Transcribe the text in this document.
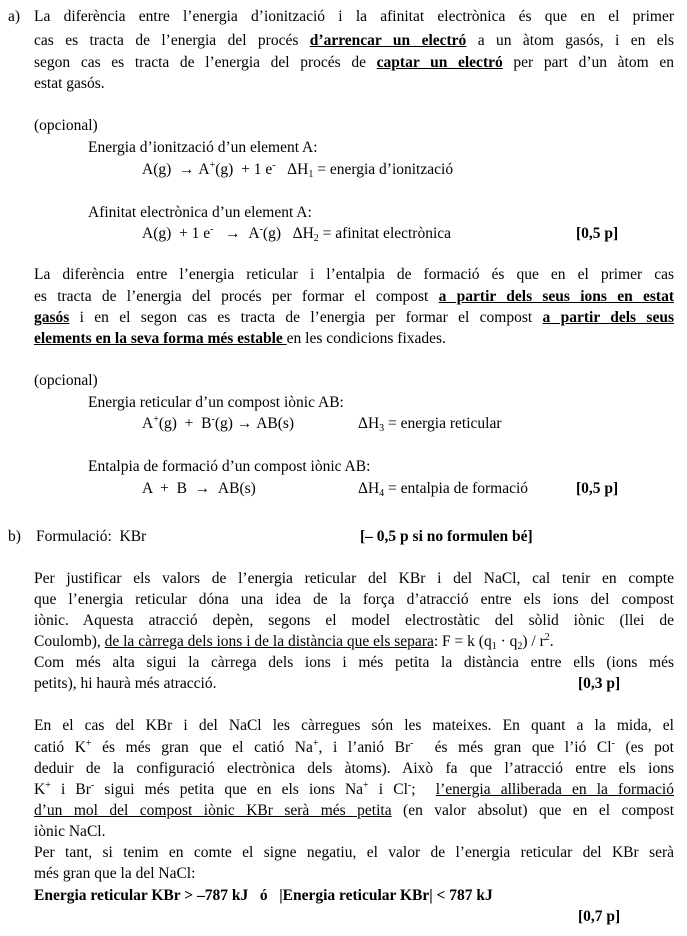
a) La diferència entre l’energia d’ionització i la afinitat electrònica és que en el primer
cas es tracta de l’energia del procés d’arrencar un electró a un àtom gasós, i en els
segon cas es tracta de l’energia del procés de captar un electró per part d’un àtom en
estat gasós.
(opcional)
Energia d’ionització d’un element A:
A(g) → A+(g) + 1 e- $\Delta H_1$ = energia d’ionització
Afinitat electrònica d’un element A:
A(g) + 1 e- → A-(g) $\Delta H_2$ = afinitat electrònica	[0,5 p]
La diferència entre l’energia reticular i l’entalpia de formació és que en el primer cas
es tracta de l’energia del procés per formar el compost a partir dels seus ions en estat
gasós i en el segon cas es tracta de l’energia per formar el compost a partir dels seus
elements en la seva forma més estable en les condicions fixades.
(opcional)
Energia reticular d’un compost iònic AB:
A+(g) + B-(g) → AB(s)	$\Delta H_3$ = energia reticular
Entalpia de formació d’un compost iònic AB:
A  +  B → AB(s)	$\Delta H_4$ = entalpia de formació	[0,5 p]
b) Formulació:  KBr	[– 0,5 p si no formulen bé]
Per justificar els valors de l’energia reticular del KBr i del NaCl, cal tenir en compte
que l’energia reticular dóna una idea de la força d’atracció entre els ions del compost
iònic. Aquesta atracció depèn, segons el model electrostàtic del sòlid iònic (llei de
Coulomb), de la càrrega dels ions i de la distància que els separa: F = k $(q_1 \cdot q_2) / r^2$.
Com més alta sigui la càrrega dels ions i més petita la distància entre ells (ions més
petits), hi haurà més atracció.	[0,3 p]
En el cas del KBr i del NaCl les càrregues són les mateixes. En quant a la mida, el
catió K+ és més gran que el catió Na+, i l’anió Br-  és més gran que l’ió Cl- (es pot
deduir de la configuració electrònica dels àtoms). Això fa que l’atracció entre els ions
K+ i Br- sigui més petita que en els ions Na+ i Cl-;  l’energia alliberada en la formació
d’un mol del compost iònic KBr serà més petita (en valor absolut) que en el compost
iònic NaCl.
Per tant, si tenim en comte el signe negatiu, el valor de l’energia reticular del KBr serà
més gran que la del NaCl:
Energia reticular KBr > –787 kJ   ó   |Energia reticular KBr| < 787 kJ
[0,7 p]
